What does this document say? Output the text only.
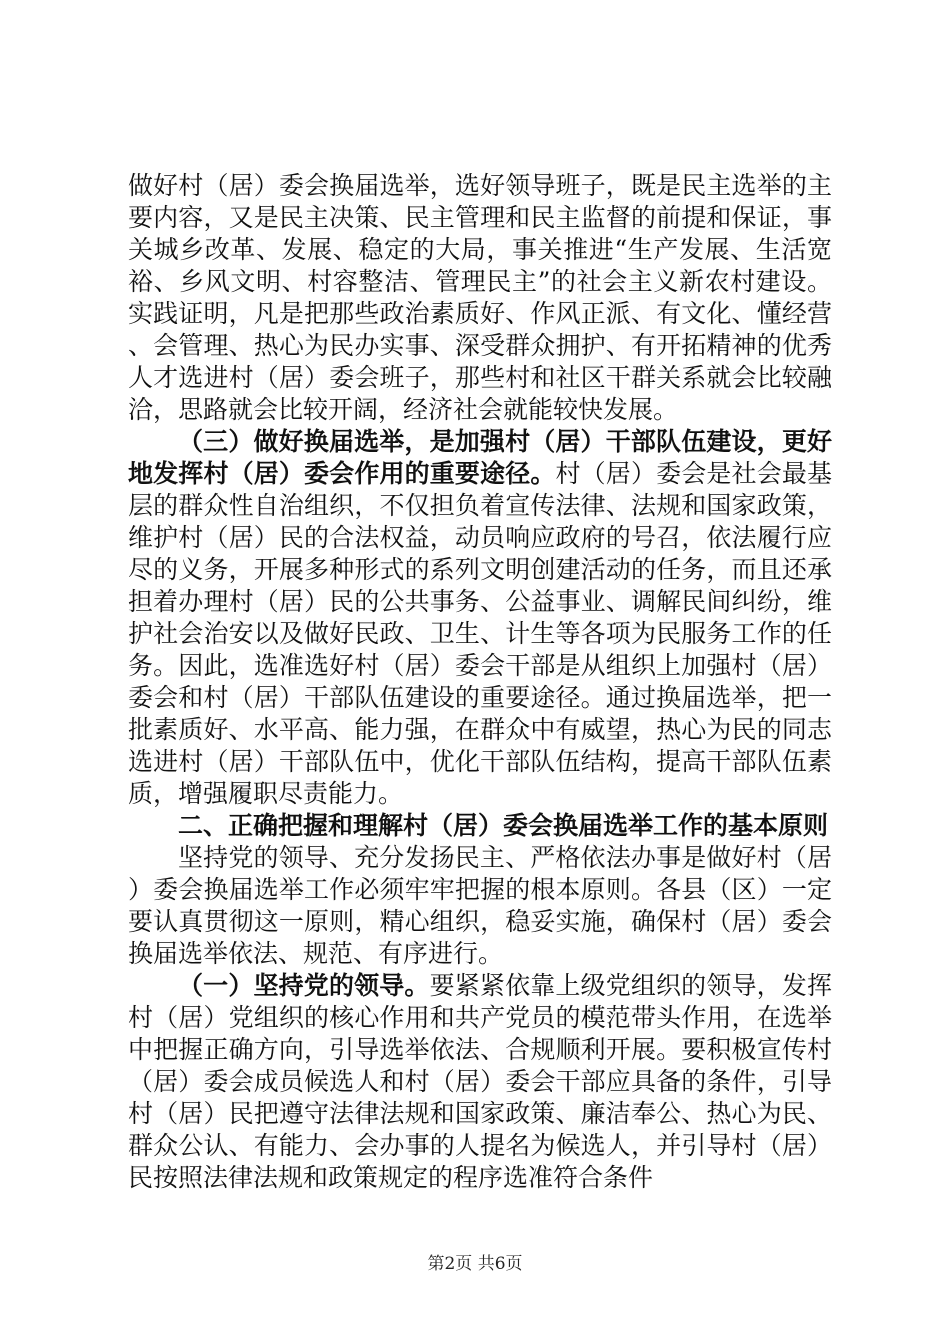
做好村（居）委会换届选举，选好领导班子，既是民主选举的主要内容，又是民主决策、民主管理和民主监督的前提和保证，事关城乡改革、发展、稳定的大局，事关推进“生产发展、生活宽裕、乡风文明、村容整洁、管理民主”的社会主义新农村建设。实践证明，凡是把那些政治素质好、作风正派、有文化、懂经营、会管理、热心为民办实事、深受群众拥护、有开拓精神的优秀人才选进村（居）委会班子，那些村和社区干群关系就会比较融洽，思路就会比较开阔，经济社会就能较快发展。

（三）做好换届选举，是加强村（居）干部队伍建设，更好地发挥村（居）委会作用的重要途径。村（居）委会是社会最基层的群众性自治组织，不仅担负着宣传法律、法规和国家政策，维护村（居）民的合法权益，动员响应政府的号召，依法履行应尽的义务，开展多种形式的系列文明创建活动的任务，而且还承担着办理村（居）民的公共事务、公益事业、调解民间纠纷，维护社会治安以及做好民政、卫生、计生等各项为民服务工作的任务。因此，选准选好村（居）委会干部是从组织上加强村（居）委会和村（居）干部队伍建设的重要途径。通过换届选举，把一批素质好、水平高、能力强，在群众中有威望，热心为民的同志选进村（居）干部队伍中，优化干部队伍结构，提高干部队伍素质，增强履职尽责能力。

二、正确把握和理解村（居）委会换届选举工作的基本原则

坚持党的领导、充分发扬民主、严格依法办事是做好村（居）委会换届选举工作必须牢牢把握的根本原则。各县（区）一定要认真贯彻这一原则，精心组织，稳妥实施，确保村（居）委会换届选举依法、规范、有序进行。

（一）坚持党的领导。要紧紧依靠上级党组织的领导，发挥村（居）党组织的核心作用和共产党员的模范带头作用，在选举中把握正确方向，引导选举依法、合规顺利开展。要积极宣传村（居）委会成员候选人和村（居）委会干部应具备的条件，引导村（居）民把遵守法律法规和国家政策、廉洁奉公、热心为民、群众公认、有能力、会办事的人提名为候选人，并引导村（居）民按照法律法规和政策规定的程序选准符合条件

第2页 共6页
